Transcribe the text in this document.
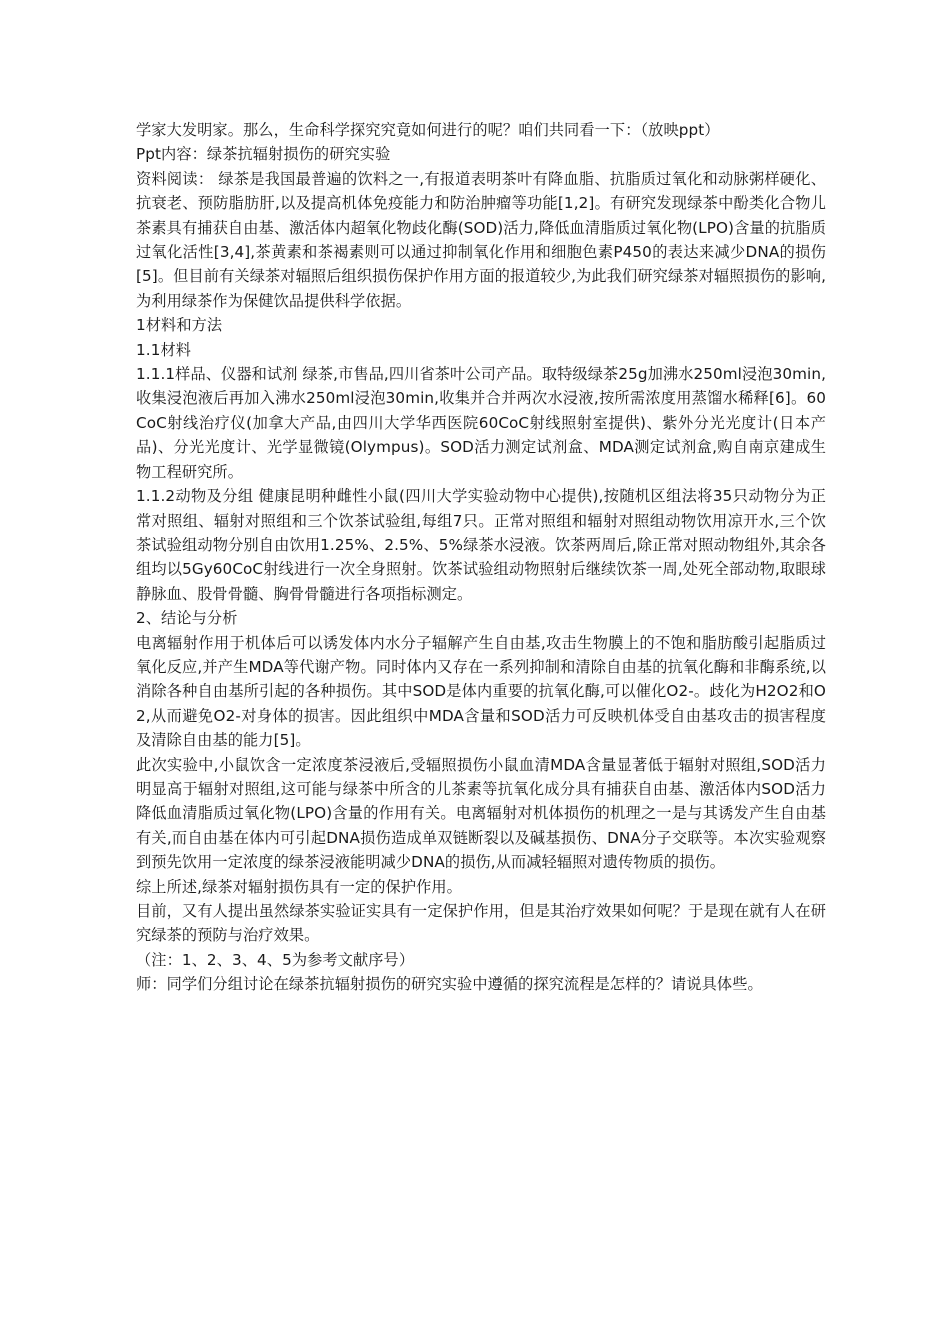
学家大发明家。那么，生命科学探究究竟如何进行的呢？咱们共同看一下：（放映ppt）

Ppt内容：绿茶抗辐射损伤的研究实验

资料阅读： 绿茶是我国最普遍的饮料之一,有报道表明茶叶有降血脂、抗脂质过氧化和动脉粥样硬化、抗衰老、预防脂肪肝,以及提高机体免疫能力和防治肿瘤等功能[1,2]。有研究发现绿茶中酚类化合物儿茶素具有捕获自由基、激活体内超氧化物歧化酶(SOD)活力,降低血清脂质过氧化物(LPO)含量的抗脂质过氧化活性[3,4],茶黄素和茶褐素则可以通过抑制氧化作用和细胞色素P450的表达来减少DNA的损伤[5]。但目前有关绿茶对辐照后组织损伤保护作用方面的报道较少,为此我们研究绿茶对辐照损伤的影响,为利用绿茶作为保健饮品提供科学依据。

1材料和方法

1.1材料

1.1.1样品、仪器和试剂 绿茶,市售品,四川省茶叶公司产品。取特级绿茶25g加沸水250ml浸泡30min,收集浸泡液后再加入沸水250ml浸泡30min,收集并合并两次水浸液,按所需浓度用蒸馏水稀释[6]。60CoC射线治疗仪(加拿大产品,由四川大学华西医院60CoC射线照射室提供)、紫外分光光度计(日本产品)、分光光度计、光学显微镜(Olympus)。SOD活力测定试剂盒、MDA测定试剂盒,购自南京建成生物工程研究所。

1.1.2动物及分组 健康昆明种雌性小鼠(四川大学实验动物中心提供),按随机区组法将35只动物分为正常对照组、辐射对照组和三个饮茶试验组,每组7只。正常对照组和辐射对照组动物饮用凉开水,三个饮茶试验组动物分别自由饮用1.25%、2.5%、5%绿茶水浸液。饮茶两周后,除正常对照动物组外,其余各组均以5Gy60CoC射线进行一次全身照射。饮茶试验组动物照射后继续饮茶一周,处死全部动物,取眼球静脉血、股骨骨髓、胸骨骨髓进行各项指标测定。

2、结论与分析

电离辐射作用于机体后可以诱发体内水分子辐解产生自由基,攻击生物膜上的不饱和脂肪酸引起脂质过氧化反应,并产生MDA等代谢产物。同时体内又存在一系列抑制和清除自由基的抗氧化酶和非酶系统,以消除各种自由基所引起的各种损伤。其中SOD是体内重要的抗氧化酶,可以催化O2-。歧化为H2O2和O2,从而避免O2-对身体的损害。因此组织中MDA含量和SOD活力可反映机体受自由基攻击的损害程度及清除自由基的能力[5]。

此次实验中,小鼠饮含一定浓度茶浸液后,受辐照损伤小鼠血清MDA含量显著低于辐射对照组,SOD活力明显高于辐射对照组,这可能与绿茶中所含的儿茶素等抗氧化成分具有捕获自由基、激活体内SOD活力降低血清脂质过氧化物(LPO)含量的作用有关。电离辐射对机体损伤的机理之一是与其诱发产生自由基有关,而自由基在体内可引起DNA损伤造成单双链断裂以及碱基损伤、DNA分子交联等。本次实验观察到预先饮用一定浓度的绿茶浸液能明减少DNA的损伤,从而减轻辐照对遗传物质的损伤。

综上所述,绿茶对辐射损伤具有一定的保护作用。

目前，又有人提出虽然绿茶实验证实具有一定保护作用，但是其治疗效果如何呢？于是现在就有人在研究绿茶的预防与治疗效果。

（注：1、2、3、4、5为参考文献序号）

师：同学们分组讨论在绿茶抗辐射损伤的研究实验中遵循的探究流程是怎样的？请说具体些。
